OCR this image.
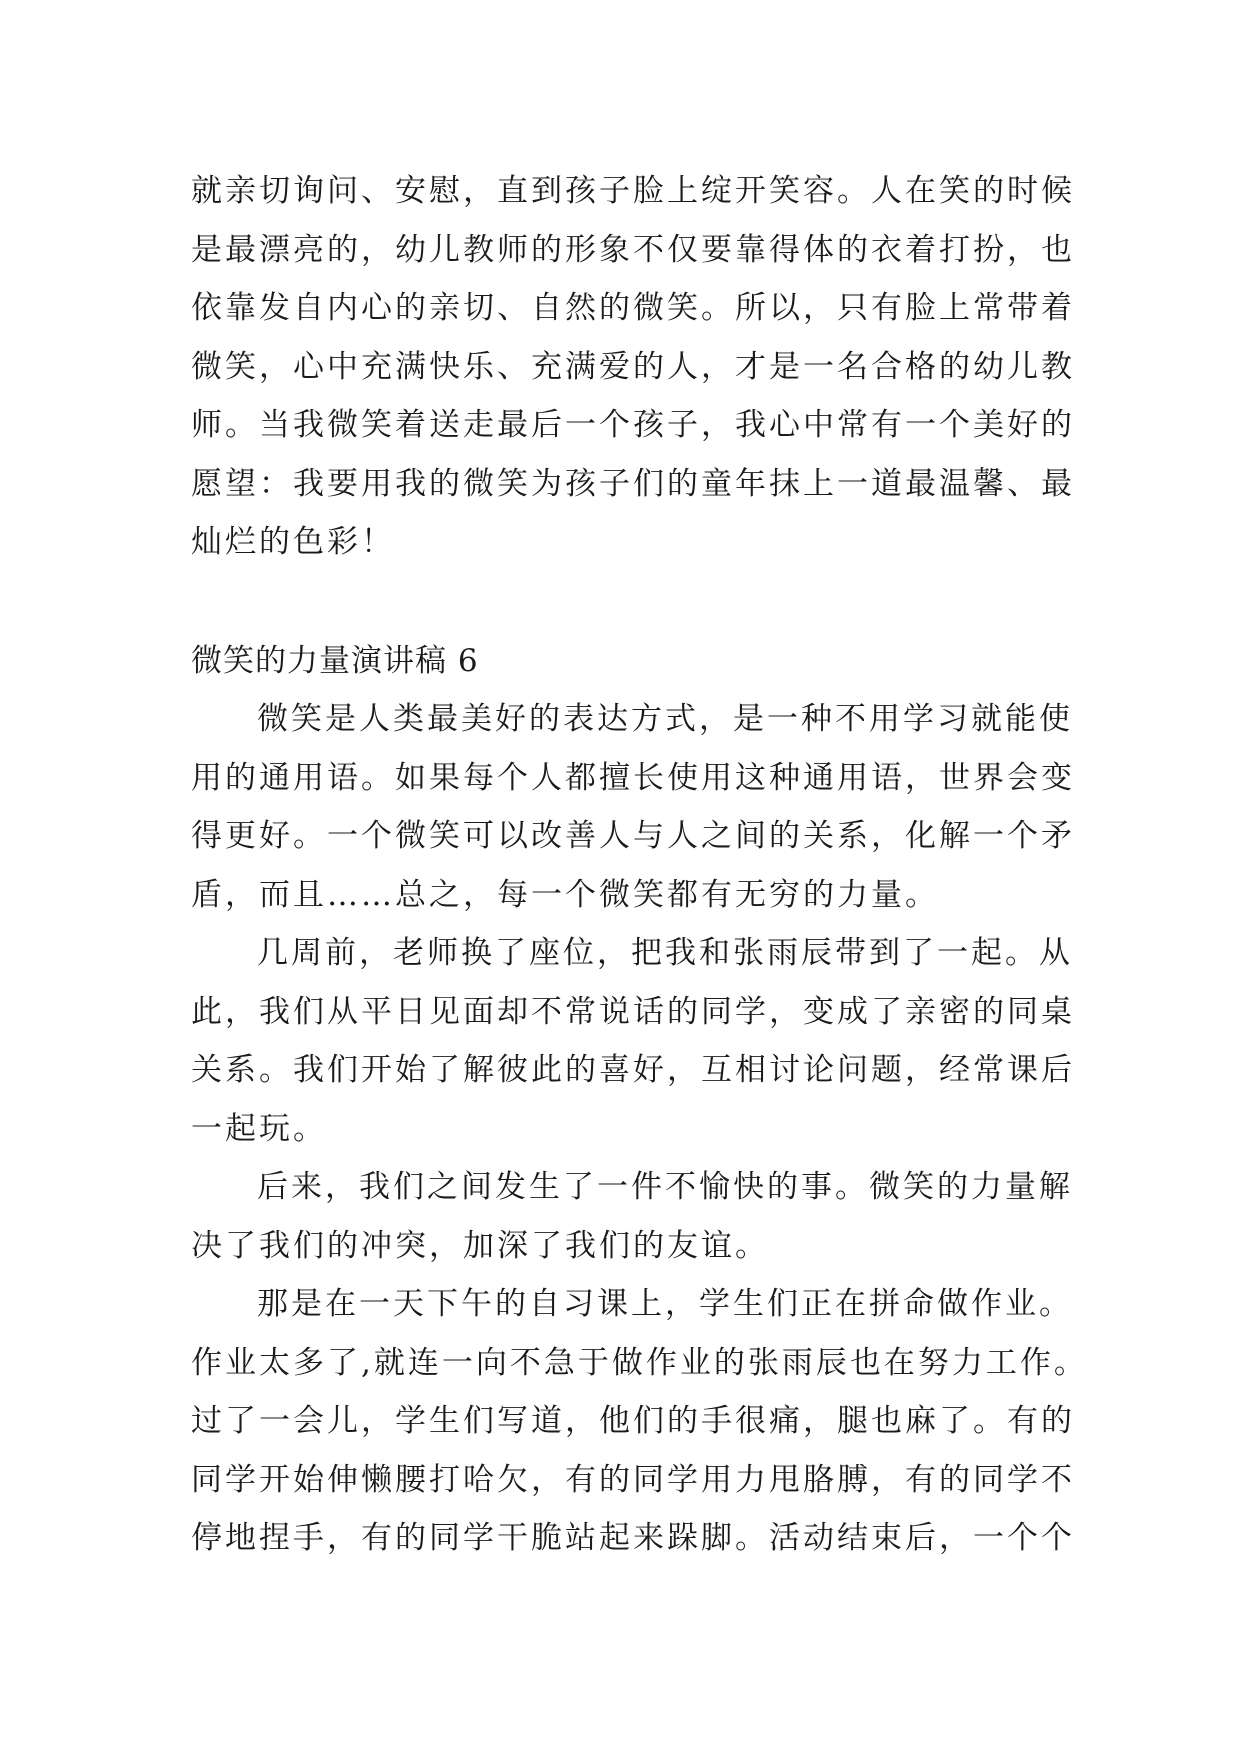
就亲切询问、安慰，直到孩子脸上绽开笑容。人在笑的时候
是最漂亮的，幼儿教师的形象不仅要靠得体的衣着打扮，也
依靠发自内心的亲切、自然的微笑。所以，只有脸上常带着
微笑，心中充满快乐、充满爱的人，才是一名合格的幼儿教
师。当我微笑着送走最后一个孩子，我心中常有一个美好的
愿望：我要用我的微笑为孩子们的童年抹上一道最温馨、最
灿烂的色彩！
微笑的力量演讲稿 6
微笑是人类最美好的表达方式，是一种不用学习就能使
用的通用语。如果每个人都擅长使用这种通用语，世界会变
得更好。一个微笑可以改善人与人之间的关系，化解一个矛
盾，而且……总之，每一个微笑都有无穷的力量。
几周前，老师换了座位，把我和张雨辰带到了一起。从
此，我们从平日见面却不常说话的同学，变成了亲密的同桌
关系。我们开始了解彼此的喜好，互相讨论问题，经常课后
一起玩。
后来，我们之间发生了一件不愉快的事。微笑的力量解
决了我们的冲突，加深了我们的友谊。
那是在一天下午的自习课上，学生们正在拼命做作业。
作业太多了,就连一向不急于做作业的张雨辰也在努力工作。
过了一会儿，学生们写道，他们的手很痛，腿也麻了。有的
同学开始伸懒腰打哈欠，有的同学用力甩胳膊，有的同学不
停地捏手，有的同学干脆站起来跺脚。活动结束后，一个个
